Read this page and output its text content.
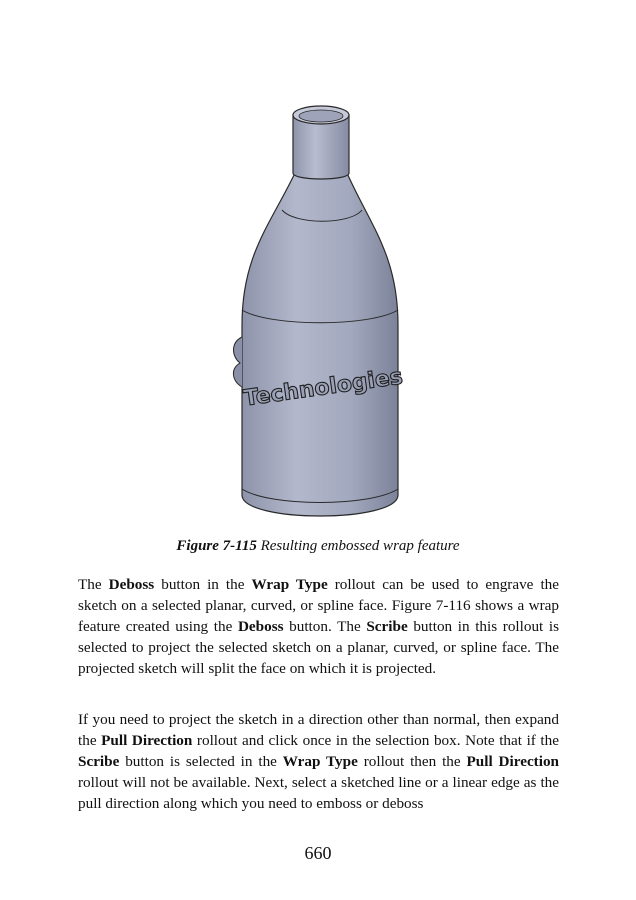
Technologies
Figure 7-115 Resulting embossed wrap feature

The Deboss button in the Wrap Type rollout can be used to engrave the sketch on a selected planar, curved, or spline face. Figure 7-116 shows a wrap feature created using the Deboss button. The Scribe button in this rollout is selected to project the selected sketch on a planar, curved, or spline face. The projected sketch will split the face on which it is projected.

If you need to project the sketch in a direction other than normal, then expand the Pull Direction rollout and click once in the selection box. Note that if the Scribe button is selected in the Wrap Type rollout then the Pull Direction rollout will not be available. Next, select a sketched line or a linear edge as the pull direction along which you need to emboss or deboss

660
